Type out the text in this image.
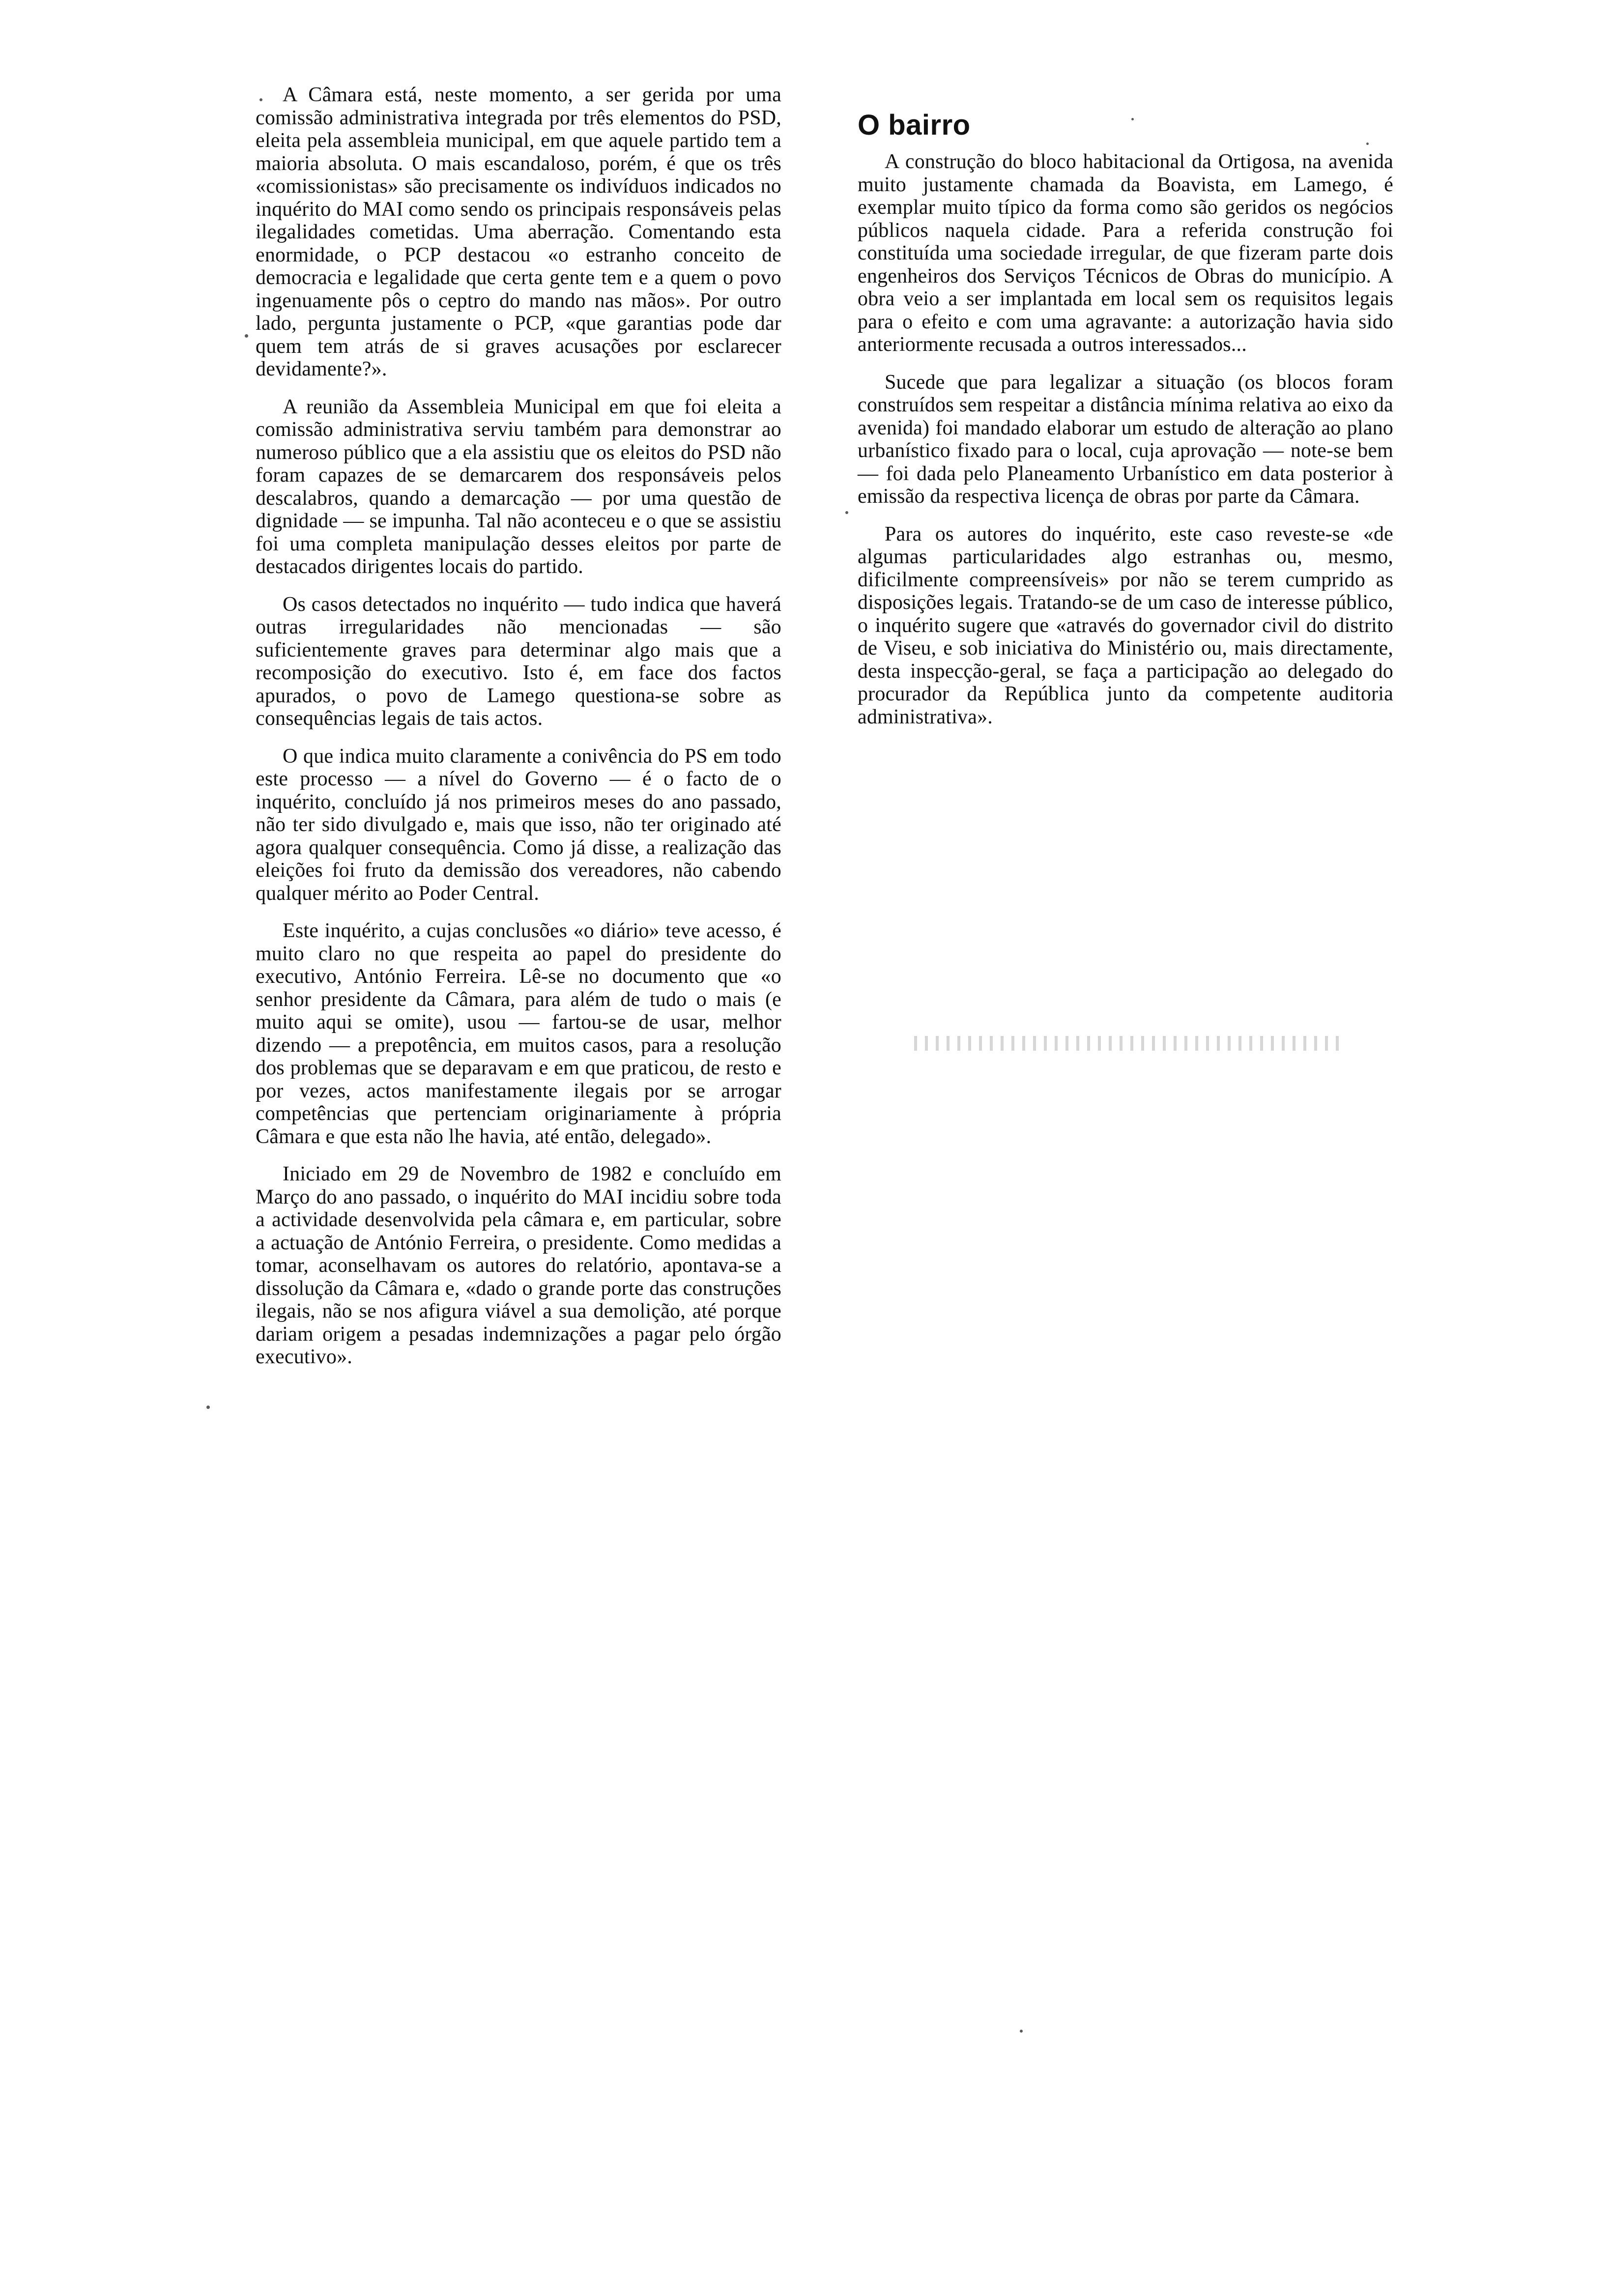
A Câmara está, neste momento, a ser gerida por uma comissão administrativa integrada por três elementos do PSD, eleita pela assembleia municipal, em que aquele partido tem a maioria absoluta. O mais escandaloso, porém, é que os três «comissionistas» são precisamente os indivíduos indicados no inquérito do MAI como sendo os principais responsáveis pelas ilegalidades cometidas. Uma aberração. Comentando esta enormidade, o PCP destacou «o estranho conceito de democracia e legalidade que certa gente tem e a quem o povo ingenuamente pôs o ceptro do mando nas mãos». Por outro lado, pergunta justamente o PCP, «que garantias pode dar quem tem atrás de si graves acusações por esclarecer devidamente?».

A reunião da Assembleia Municipal em que foi eleita a comissão administrativa serviu também para demonstrar ao numeroso público que a ela assistiu que os eleitos do PSD não foram capazes de se demarcarem dos responsáveis pelos descalabros, quando a demarcação — por uma questão de dignidade — se impunha. Tal não aconteceu e o que se assistiu foi uma completa manipulação desses eleitos por parte de destacados dirigentes locais do partido.

Os casos detectados no inquérito — tudo indica que haverá outras irregularidades não mencionadas — são suficientemente graves para determinar algo mais que a recomposição do executivo. Isto é, em face dos factos apurados, o povo de Lamego questiona-se sobre as consequências legais de tais actos.

O que indica muito claramente a conivência do PS em todo este processo — a nível do Governo — é o facto de o inquérito, concluído já nos primeiros meses do ano passado, não ter sido divulgado e, mais que isso, não ter originado até agora qualquer consequência. Como já disse, a realização das eleições foi fruto da demissão dos vereadores, não cabendo qualquer mérito ao Poder Central.

Este inquérito, a cujas conclusões «o diário» teve acesso, é muito claro no que respeita ao papel do presidente do executivo, António Ferreira. Lê-se no documento que «o senhor presidente da Câmara, para além de tudo o mais (e muito aqui se omite), usou — fartou-se de usar, melhor dizendo — a prepotência, em muitos casos, para a resolução dos problemas que se deparavam e em que praticou, de resto e por vezes, actos manifestamente ilegais por se arrogar competências que pertenciam originariamente à própria Câmara e que esta não lhe havia, até então, delegado».

Iniciado em 29 de Novembro de 1982 e concluído em Março do ano passado, o inquérito do MAI incidiu sobre toda a actividade desenvolvida pela câmara e, em particular, sobre a actuação de António Ferreira, o presidente. Como medidas a tomar, aconselhavam os autores do relatório, apontava-se a dissolução da Câmara e, «dado o grande porte das construções ilegais, não se nos afigura viável a sua demolição, até porque dariam origem a pesadas indemnizações a pagar pelo órgão executivo».

O bairro

A construção do bloco habitacional da Ortigosa, na avenida muito justamente chamada da Boavista, em Lamego, é exemplar muito típico da forma como são geridos os negócios públicos naquela cidade. Para a referida construção foi constituída uma sociedade irregular, de que fizeram parte dois engenheiros dos Serviços Técnicos de Obras do município. A obra veio a ser implantada em local sem os requisitos legais para o efeito e com uma agravante: a autorização havia sido anteriormente recusada a outros interessados...

Sucede que para legalizar a situação (os blocos foram construídos sem respeitar a distância mínima relativa ao eixo da avenida) foi mandado elaborar um estudo de alteração ao plano urbanístico fixado para o local, cuja aprovação — note-se bem — foi dada pelo Planeamento Urbanístico em data posterior à emissão da respectiva licença de obras por parte da Câmara.

Para os autores do inquérito, este caso reveste-se «de algumas particularidades algo estranhas ou, mesmo, dificilmente compreensíveis» por não se terem cumprido as disposições legais. Tratando-se de um caso de interesse público, o inquérito sugere que «através do governador civil do distrito de Viseu, e sob iniciativa do Ministério ou, mais directamente, desta inspecção-geral, se faça a participação ao delegado do procurador da República junto da competente auditoria administrativa».
